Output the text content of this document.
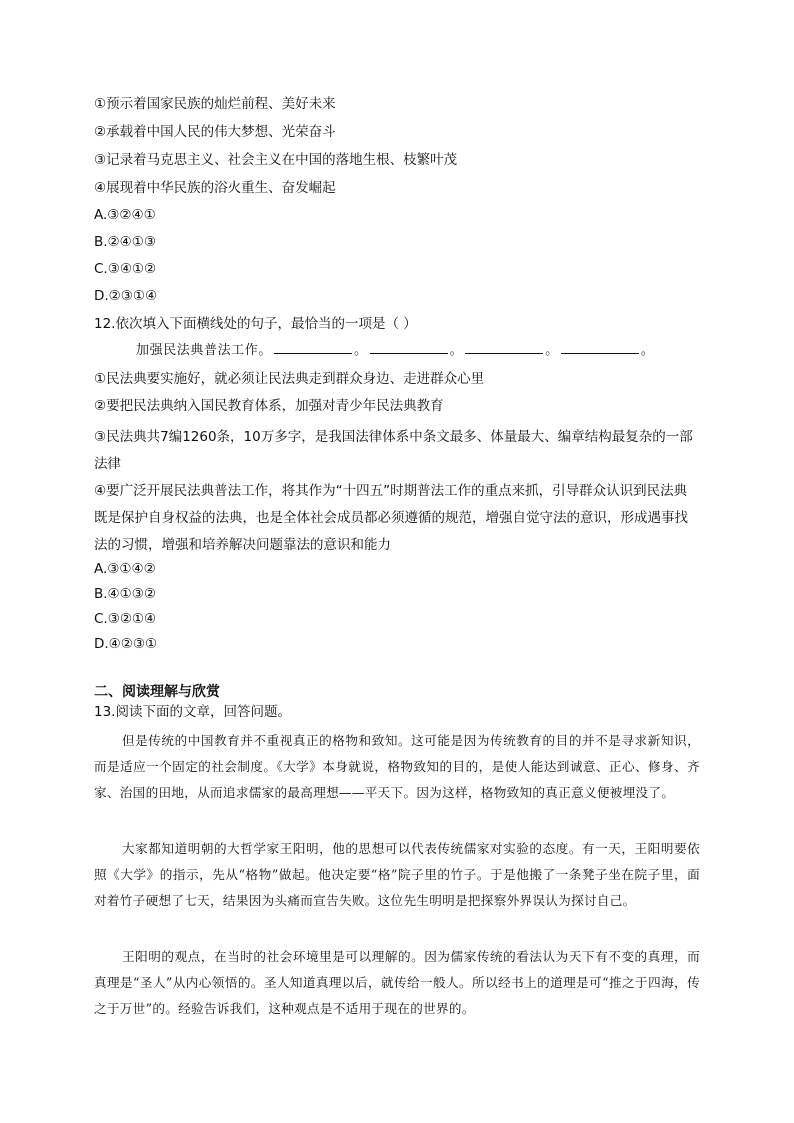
①预示着国家民族的灿烂前程、美好未来
②承载着中国人民的伟大梦想、光荣奋斗
③记录着马克思主义、社会主义在中国的落地生根、枝繁叶茂
④展现着中华民族的浴火重生、奋发崛起
A.③②④①
B.②④①③
C.③④①②
D.②③①④
12.依次填入下面横线处的句子，最恰当的一项是（ ）
加强民法典普法工作。	。	。	。	。
①民法典要实施好，就必须让民法典走到群众身边、走进群众心里
②要把民法典纳入国民教育体系，加强对青少年民法典教育
③民法典共7编1260条，10万多字，是我国法律体系中条文最多、体量最大、编章结构最复杂的一部法律
④要广泛开展民法典普法工作，将其作为“十四五”时期普法工作的重点来抓，引导群众认识到民法典既是保护自身权益的法典，也是全体社会成员都必须遵循的规范，增强自觉守法的意识，形成遇事找法的习惯，增强和培养解决问题靠法的意识和能力
A.③①④②
B.④①③②
C.③②①④
D.④②③①
二、阅读理解与欣赏
13.阅读下面的文章，回答问题。
但是传统的中国教育并不重视真正的格物和致知。这可能是因为传统教育的目的并不是寻求新知识，而是适应一个固定的社会制度。《大学》本身就说，格物致知的目的，是使人能达到诚意、正心、修身、齐家、治国的田地，从而追求儒家的最高理想——平天下。因为这样，格物致知的真正意义便被埋没了。
大家都知道明朝的大哲学家王阳明，他的思想可以代表传统儒家对实验的态度。有一天，王阳明要依照《大学》的指示，先从“格物”做起。他决定要“格”院子里的竹子。于是他搬了一条凳子坐在院子里，面对着竹子硬想了七天，结果因为头痛而宣告失败。这位先生明明是把探察外界误认为探讨自己。
王阳明的观点，在当时的社会环境里是可以理解的。因为儒家传统的看法认为天下有不变的真理，而真理是“圣人”从内心领悟的。圣人知道真理以后，就传给一般人。所以经书上的道理是可“推之于四海，传之于万世”的。经验告诉我们，这种观点是不适用于现在的世界的。
